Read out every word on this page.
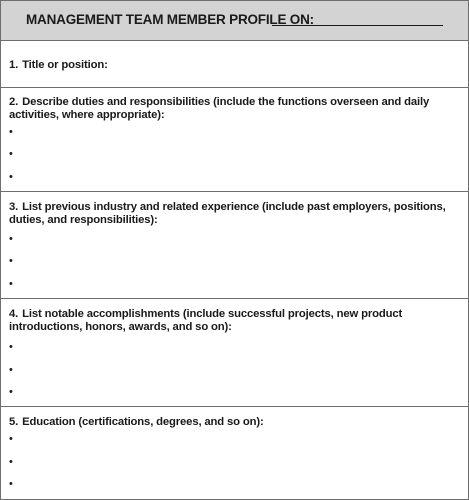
MANAGEMENT TEAM MEMBER PROFILE ON:
1. Title or position:
2. Describe duties and responsibilities (include the functions overseen and daily activities, where appropriate):
•
•
•
3. List previous industry and related experience (include past employers, positions, duties, and responsibilities):
•
•
•
4. List notable accomplishments (include successful projects, new product introductions, honors, awards, and so on):
•
•
•
5. Education (certifications, degrees, and so on):
•
•
•
